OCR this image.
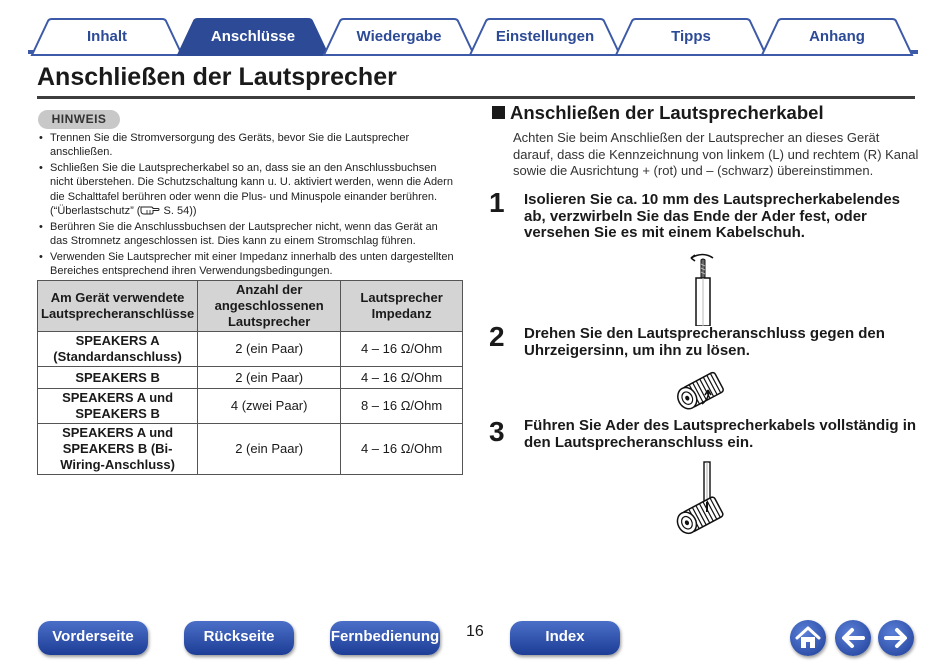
Inhalt	Anschlüsse	Wiedergabe	Einstellungen	Tipps	Anhang
Anschließen der Lautsprecher
HINWEIS
• Trennen Sie die Stromversorgung des Geräts, bevor Sie die Lautsprecher anschließen.
• Schließen Sie die Lautsprecherkabel so an, dass sie an den Anschlussbuchsen nicht überstehen. Die Schutzschaltung kann u. U. aktiviert werden, wenn die Adern die Schalttafel berühren oder wenn die Plus- und Minuspole einander berühren. (“Überlastschutz” ( S. 54))
• Berühren Sie die Anschlussbuchsen der Lautsprecher nicht, wenn das Gerät an das Stromnetz angeschlossen ist. Dies kann zu einem Stromschlag führen.
• Verwenden Sie Lautsprecher mit einer Impedanz innerhalb des unten dargestellten Bereiches entsprechend ihren Verwendungsbedingungen.
Am Gerät verwendete Lautsprecheranschlüsse	Anzahl der angeschlossenen Lautsprecher	Lautsprecher Impedanz
SPEAKERS A (Standardanschluss)	2 (ein Paar)	4 – 16 Ω/Ohm
SPEAKERS B	2 (ein Paar)	4 – 16 Ω/Ohm
SPEAKERS A und SPEAKERS B	4 (zwei Paar)	8 – 16 Ω/Ohm
SPEAKERS A und SPEAKERS B (Bi-Wiring-Anschluss)	2 (ein Paar)	4 – 16 Ω/Ohm
Anschließen der Lautsprecherkabel

Achten Sie beim Anschließen der Lautsprecher an dieses Gerät darauf, dass die Kennzeichnung von linkem (L) und rechtem (R) Kanal sowie die Ausrichtung + (rot) und – (schwarz) übereinstimmen.

1 Isolieren Sie ca. 10 mm des Lautsprecherkabelendes ab, verzwirbeln Sie das Ende der Ader fest, oder versehen Sie es mit einem Kabelschuh.
2 Drehen Sie den Lautsprecheranschluss gegen den Uhrzeigersinn, um ihn zu lösen.
3 Führen Sie Ader des Lautsprecherkabels vollständig in den Lautsprecheranschluss ein.
Vorderseite	Rückseite	Fernbedienung 16	Index
